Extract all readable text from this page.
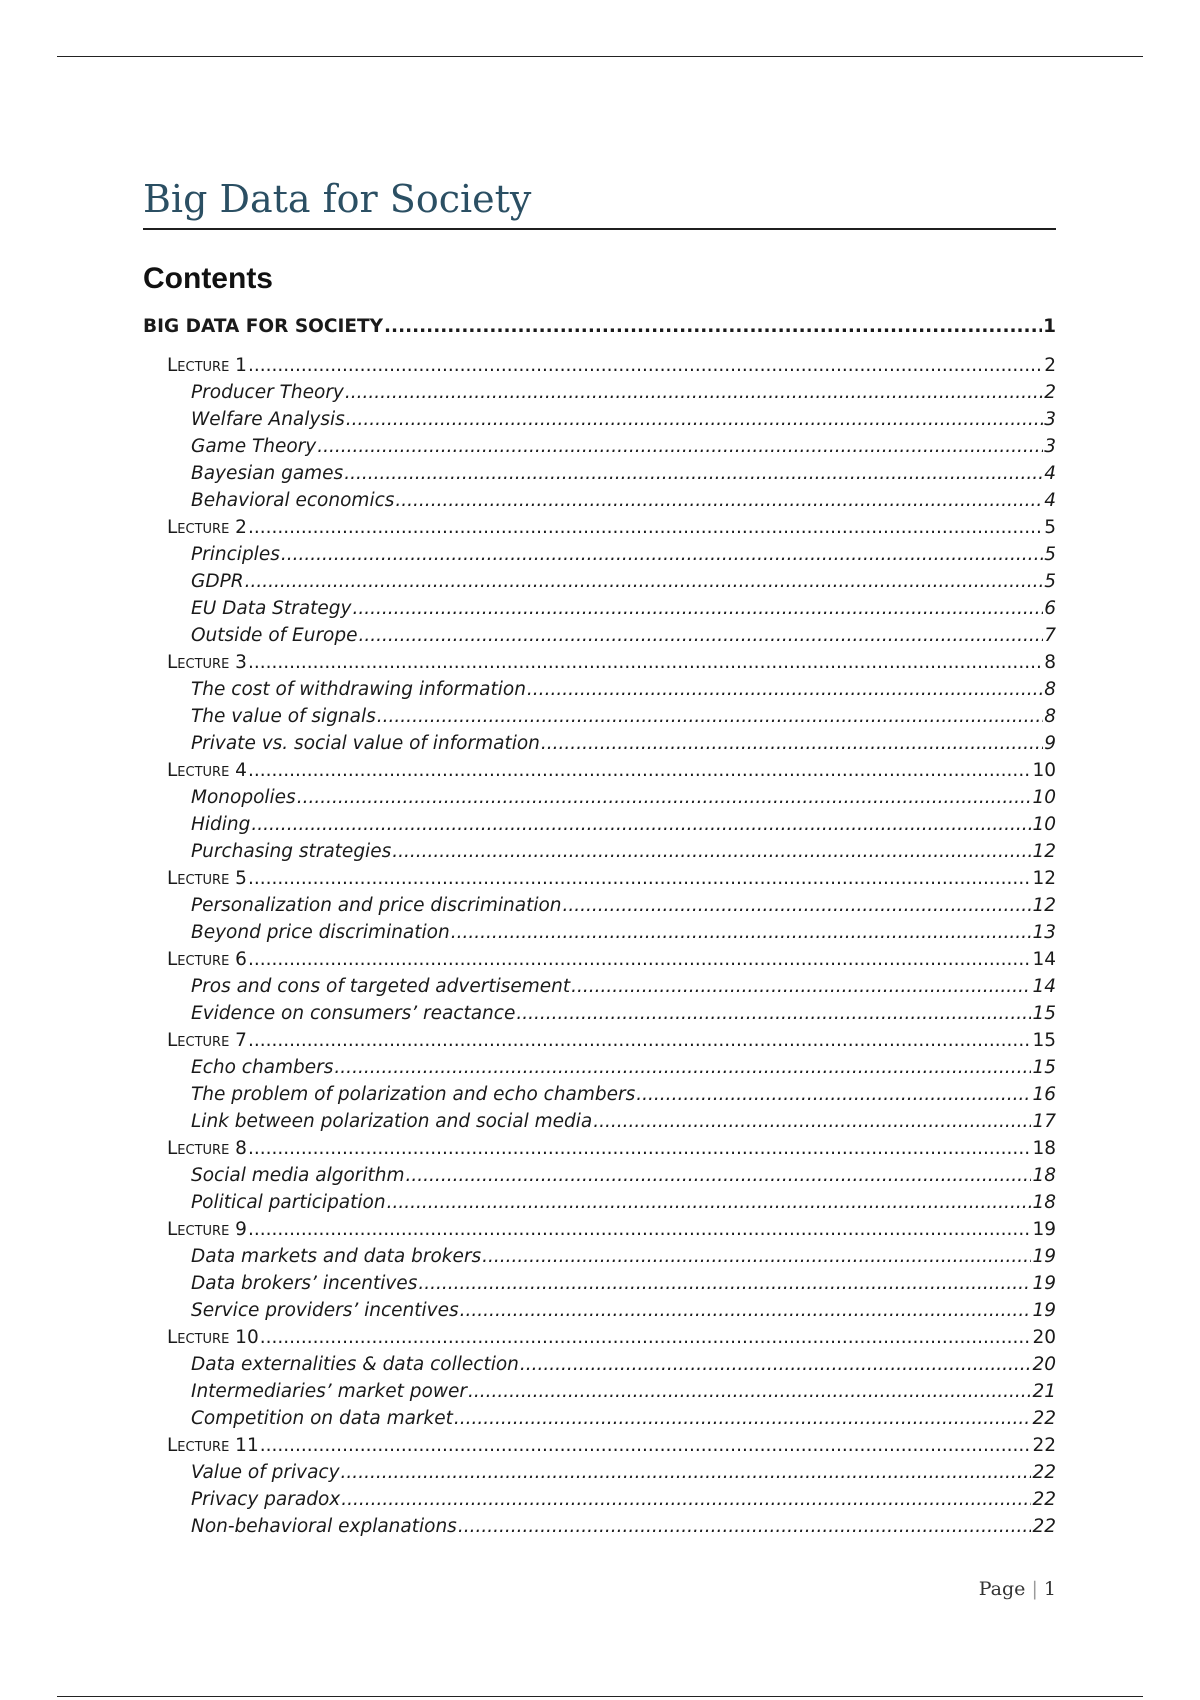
Big Data for Society
Contents
BIG DATA FOR SOCIETY .....	1
Lecture 1 .....	2
Producer Theory .....	2
Welfare Analysis .....	3
Game Theory .....	3
Bayesian games .....	4
Behavioral economics .....	4
Lecture 2 .....	5
Principles .....	5
GDPR .....	5
EU Data Strategy .....	6
Outside of Europe .....	7
Lecture 3 .....	8
The cost of withdrawing information .....	8
The value of signals .....	8
Private vs. social value of information .....	9
Lecture 4 .....	10
Monopolies .....	10
Hiding .....	10
Purchasing strategies .....	12
Lecture 5 .....	12
Personalization and price discrimination .....	12
Beyond price discrimination .....	13
Lecture 6 .....	14
Pros and cons of targeted advertisement .....	14
Evidence on consumers’ reactance .....	15
Lecture 7 .....	15
Echo chambers .....	15
The problem of polarization and echo chambers .....	16
Link between polarization and social media .....	17
Lecture 8 .....	18
Social media algorithm .....	18
Political participation .....	18
Lecture 9 .....	19
Data markets and data brokers .....	19
Data brokers’ incentives .....	19
Service providers’ incentives .....	19
Lecture 10 .....	20
Data externalities & data collection .....	20
Intermediaries’ market power .....	21
Competition on data market .....	22
Lecture 11 .....	22
Value of privacy .....	22
Privacy paradox .....	22
Non-behavioral explanations .....	22
Page | 1
